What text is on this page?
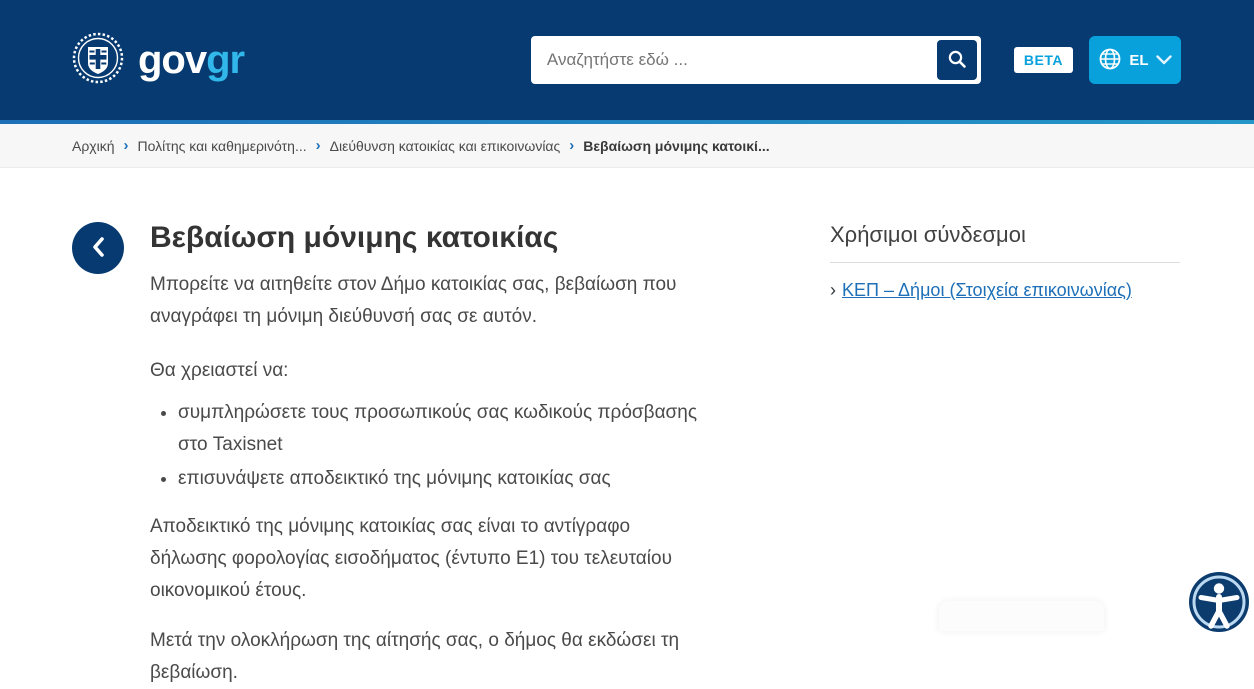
govgr
Αναζητήστε εδώ ...	BETA	EL
Αρχική › Πολίτης και καθημερινότη... › Διεύθυνση κατοικίας και επικοινωνίας › Βεβαίωση μόνιμης κατοικί...
Βεβαίωση μόνιμης κατοικίας

Μπορείτε να αιτηθείτε στον Δήμο κατοικίας σας, βεβαίωση που αναγράφει τη μόνιμη διεύθυνσή σας σε αυτόν.

Θα χρειαστεί να:

• συμπληρώσετε τους προσωπικούς σας κωδικούς πρόσβασης στο Taxisnet
• επισυνάψετε αποδεικτικό της μόνιμης κατοικίας σας

Αποδεικτικό της μόνιμης κατοικίας σας είναι το αντίγραφο δήλωσης φορολογίας εισοδήματος (έντυπο Ε1) του τελευταίου οικονομικού έτους.

Μετά την ολοκλήρωση της αίτησής σας, ο δήμος θα εκδώσει τη βεβαίωση.

Χρήσιμοι σύνδεσμοι
› ΚΕΠ – Δήμοι (Στοιχεία επικοινωνίας)
